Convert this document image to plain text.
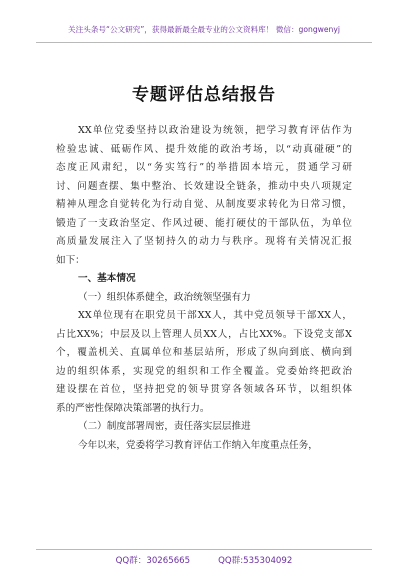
关注头条号“公文研究”，获得最新最全最专业的公文资料库！ 微信：gongwenyj
专题评估总结报告
XX单位党委坚持以政治建设为统领，把学习教育评估作为
检验忠诚、砥砺作风、提升效能的政治考场，以“动真碰硬”的
态度正风肃纪，以“务实笃行”的举措固本培元，贯通学习研
讨、问题查摆、集中整治、长效建设全链条，推动中央八项规定
精神从理念自觉转化为行动自觉、从制度要求转化为日常习惯，
锻造了一支政治坚定、作风过硬、能打硬仗的干部队伍，为单位
高质量发展注入了坚韧持久的动力与秩序。现将有关情况汇报
如下：
一、基本情况
（一）组织体系健全，政治统领坚强有力
XX单位现有在职党员干部XX人，其中党员领导干部XX人，
占比XX%；中层及以上管理人员XX人，占比XX%。下设党支部X
个，覆盖机关、直属单位和基层站所，形成了纵向到底、横向到
边的组织体系，实现党的组织和工作全覆盖。党委始终把政治
建设摆在首位，坚持把党的领导贯穿各领域各环节，以组织体
系的严密性保障决策部署的执行力。
（二）制度部署周密，责任落实层层推进
今年以来，党委将学习教育评估工作纳入年度重点任务，
QQ群：30265665	QQ群:535304092
